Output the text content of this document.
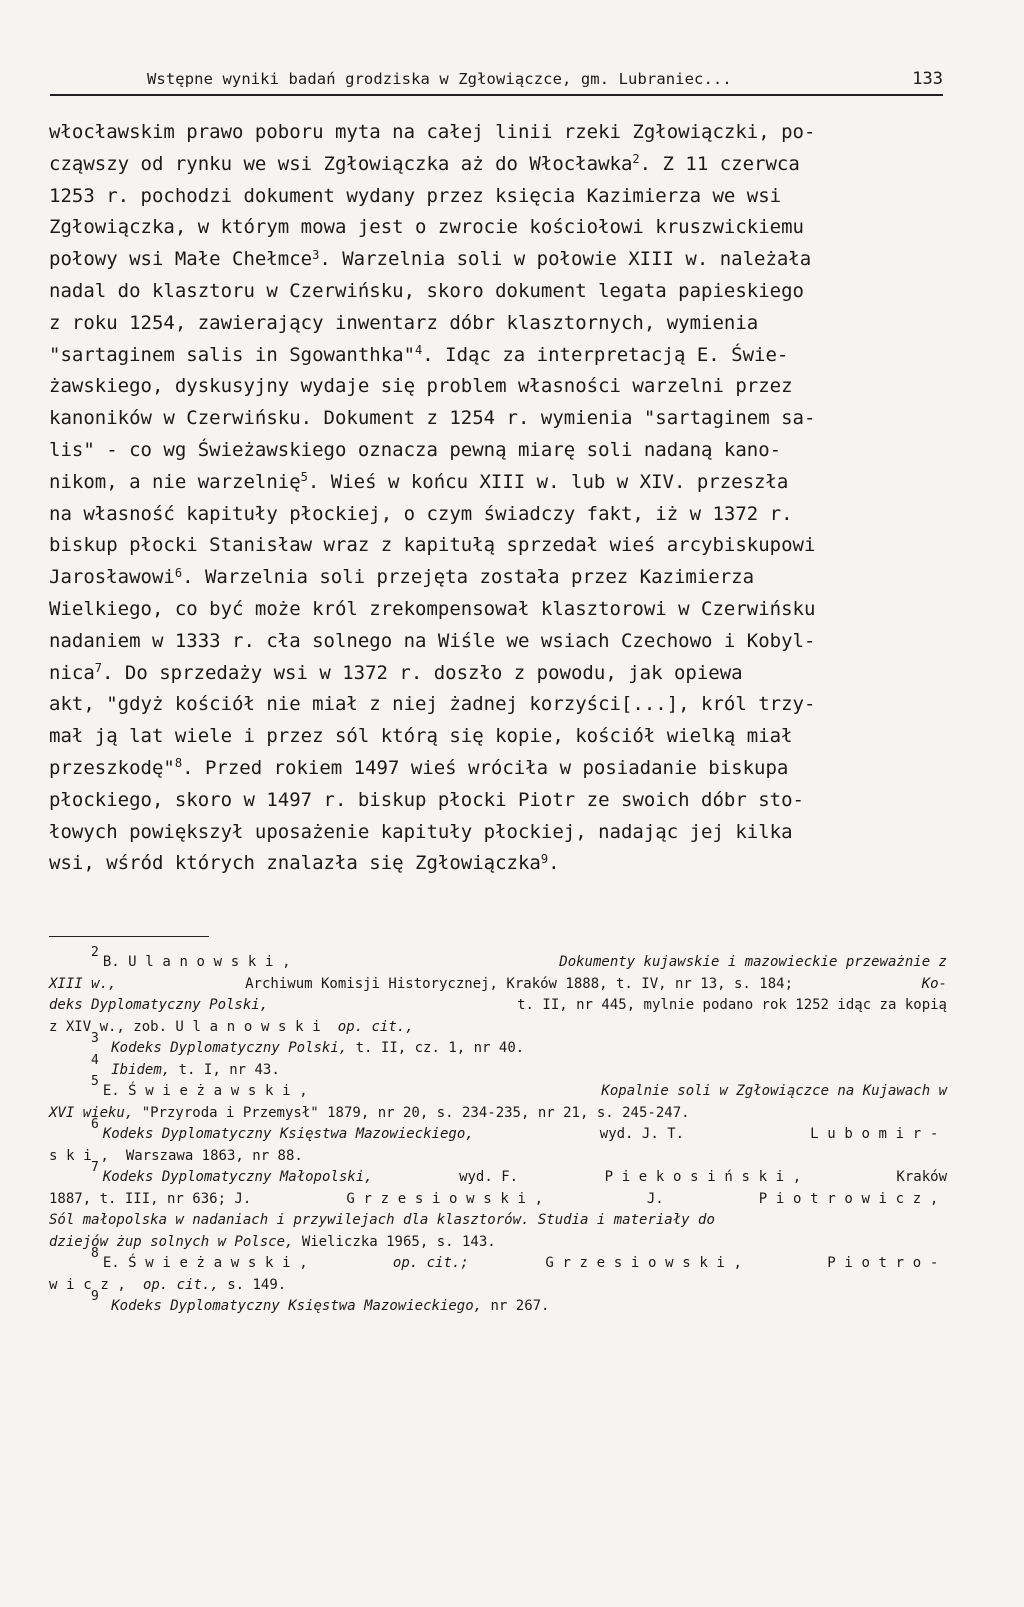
Wstępne wyniki badań grodziska w Zgłowiączce, gm. Lubraniec...	133
włocławskim prawo poboru myta na całej linii rzeki Zgłowiączki, po-
cząwszy od rynku we wsi Zgłowiączka aż do Włocławka$^2$. Z 11 czerwca
1253 r. pochodzi dokument wydany przez księcia Kazimierza we wsi
Zgłowiączka, w którym mowa jest o zwrocie kościołowi kruszwickiemu
połowy wsi Małe Chełmce$^3$. Warzelnia soli w połowie XIII w. należała
nadal do klasztoru w Czerwińsku, skoro dokument legata papieskiego
z roku 1254, zawierający inwentarz dóbr klasztornych, wymienia
"sartaginem salis in Sgowanthka"$^4$. Idąc za interpretacją E. Świe-
żawskiego, dyskusyjny wydaje się problem własności warzelni przez
kanoników w Czerwińsku. Dokument z 1254 r. wymienia "sartaginem sa-
lis" - co wg Świeżawskiego oznacza pewną miarę soli nadaną kano-
nikom, a nie warzelnię$^5$. Wieś w końcu XIII w. lub w XIV. przeszła
na własność kapituły płockiej, o czym świadczy fakt, iż w 1372 r.
biskup płocki Stanisław wraz z kapitułą sprzedał wieś arcybiskupowi
Jarosławowi$^6$. Warzelnia soli przejęta została przez Kazimierza
Wielkiego, co być może król zrekompensował klasztorowi w Czerwińsku
nadaniem w 1333 r. cła solnego na Wiśle we wsiach Czechowo i Kobyl-
nica$^7$. Do sprzedaży wsi w 1372 r. doszło z powodu, jak opiewa
akt, "gdyż kościół nie miał z niej żadnej korzyści[...], król trzy-
mał ją lat wiele i przez sól którą się kopie, kościół wielką miał
przeszkodę"$^8$. Przed rokiem 1497 wieś wróciła w posiadanie biskupa
płockiego, skoro w 1497 r. biskup płocki Piotr ze swoich dóbr sto-
łowych powiększył uposażenie kapituły płockiej, nadając jej kilka
wsi, wśród których znalazła się Zgłowiączka$^9$.
2B. Ulanowski,	Dokumenty kujawskie i mazowieckie przeważnie z
XIII w.,	Archiwum Komisji Historycznej, Kraków 1888, t. IV, nr 13, s. 184;	Ko-
deks Dyplomatyczny Polski,	t. II, nr 445, mylnie podano rok 1252 idąc za kopią
z XIV w., zob. Ulanowski op. cit.,
3
Kodeks Dyplomatyczny Polski, t. II, cz. 1, nr 40.
4
Ibidem, t. I, nr 43.
5E. Świeżawski,	Kopalnie soli w Zgłowiączce na Kujawach w
XVI wieku, "Przyroda i Przemysł" 1879, nr 20, s. 234-235, nr 21, s. 245-247.
6Kodeks Dyplomatyczny Księstwa Mazowieckiego,	wyd. J. T.	Lubomir-
ski, Warszawa 1863, nr 88.
7Kodeks Dyplomatyczny Małopolski,	wyd. F.	Piekosiński,	Kraków
1887, t. III, nr 636; J.	Grzesiowski,	J.	Piotrowicz,
Sól małopolska w nadaniach i przywilejach dla klasztorów. Studia i materiały do
dziejów żup solnych w Polsce, Wieliczka 1965, s. 143.
8E. Świeżawski,	op. cit.;	Grzesiowski,	Piotro-
wicz, op. cit., s. 149.
9
Kodeks Dyplomatyczny Księstwa Mazowieckiego, nr 267.
